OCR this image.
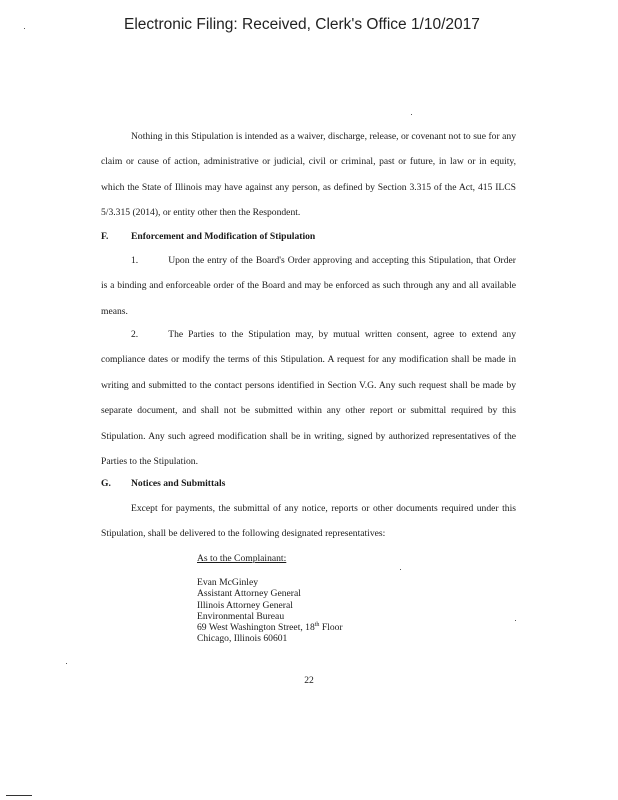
Electronic Filing: Received, Clerk's Office 1/10/2017
Nothing in this Stipulation is intended as a waiver, discharge, release, or covenant not to sue for any claim or cause of action, administrative or judicial, civil or criminal, past or future, in law or in equity, which the State of Illinois may have against any person, as defined by Section 3.315 of the Act, 415 ILCS 5/3.315 (2014), or entity other then the Respondent.
F. Enforcement and Modification of Stipulation
1.	Upon the entry of the Board's Order approving and accepting this Stipulation, that Order is a binding and enforceable order of the Board and may be enforced as such through any and all available means.
2.	The Parties to the Stipulation may, by mutual written consent, agree to extend any compliance dates or modify the terms of this Stipulation. A request for any modification shall be made in writing and submitted to the contact persons identified in Section V.G. Any such request shall be made by separate document, and shall not be submitted within any other report or submittal required by this Stipulation. Any such agreed modification shall be in writing, signed by authorized representatives of the Parties to the Stipulation.
G. Notices and Submittals
Except for payments, the submittal of any notice, reports or other documents required under this Stipulation, shall be delivered to the following designated representatives:
As to the Complainant:
Evan McGinley
Assistant Attorney General
Illinois Attorney General
Environmental Bureau
69 West Washington Street, 18th Floor
Chicago, Illinois 60601
22
